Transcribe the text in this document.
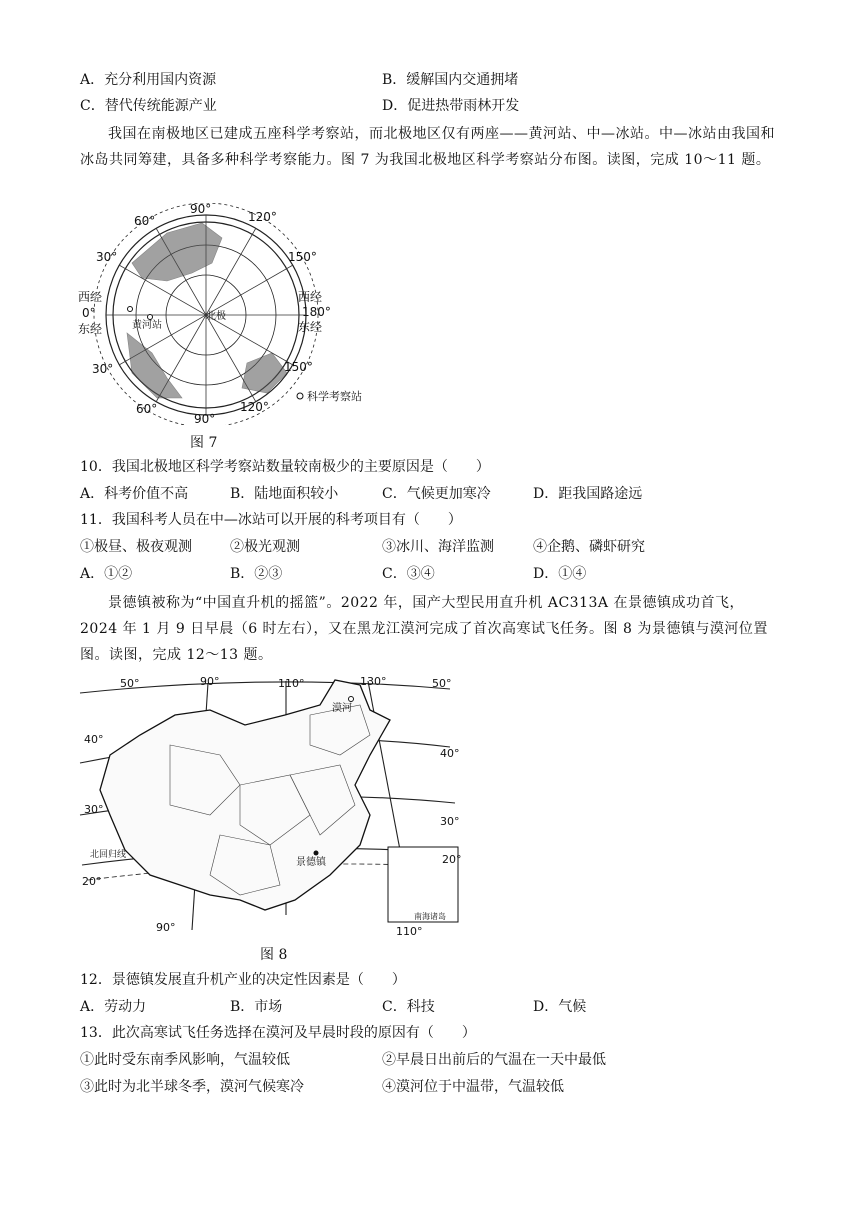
A．充分利用国内资源	B．缓解国内交通拥堵
C．替代传统能源产业	D．促进热带雨林开发
我国在南极地区已建成五座科学考察站，而北极地区仅有两座——黄河站、中—冰站。中—冰站由我国和冰岛共同筹建，具备多种科学考察能力。图 7 为我国北极地区科学考察站分布图。读图，完成 10～11 题。
90°
120°
60°
30°	150°
西经
0°
东经
西经
180°
东经
30°	150°
60°	120°
90°
黄河站
北极
科学考察站
图 7
10．我国北极地区科学考察站数量较南极少的主要原因是（　　）
A．科考价值不高	B．陆地面积较小	C．气候更加寒冷	D．距我国路途远
11．我国科考人员在中—冰站可以开展的科考项目有（　　）
①极昼、极夜观测	②极光观测	③冰川、海洋监测	④企鹅、磷虾研究
A．①②	B．②③	C．③④	D．①④
景德镇被称为“中国直升机的摇篮”。2022 年，国产大型民用直升机 AC313A 在景德镇成功首飞，2024 年 1 月 9 日早晨（6 时左右），又在黑龙江漠河完成了首次高寒试飞任务。图 8 为景德镇与漠河位置图。读图，完成 12～13 题。
50°	90°	110°	130°	50°
40°
40°
30°
30°
20°
20°
90°	110°
漠河
景德镇
北回归线
南海诸岛
图 8
12．景德镇发展直升机产业的决定性因素是（　　）
A．劳动力	B．市场	C．科技	D．气候
13．此次高寒试飞任务选择在漠河及早晨时段的原因有（　　）
①此时受东南季风影响，气温较低	②早晨日出前后的气温在一天中最低
③此时为北半球冬季，漠河气候寒冷	④漠河位于中温带，气温较低
